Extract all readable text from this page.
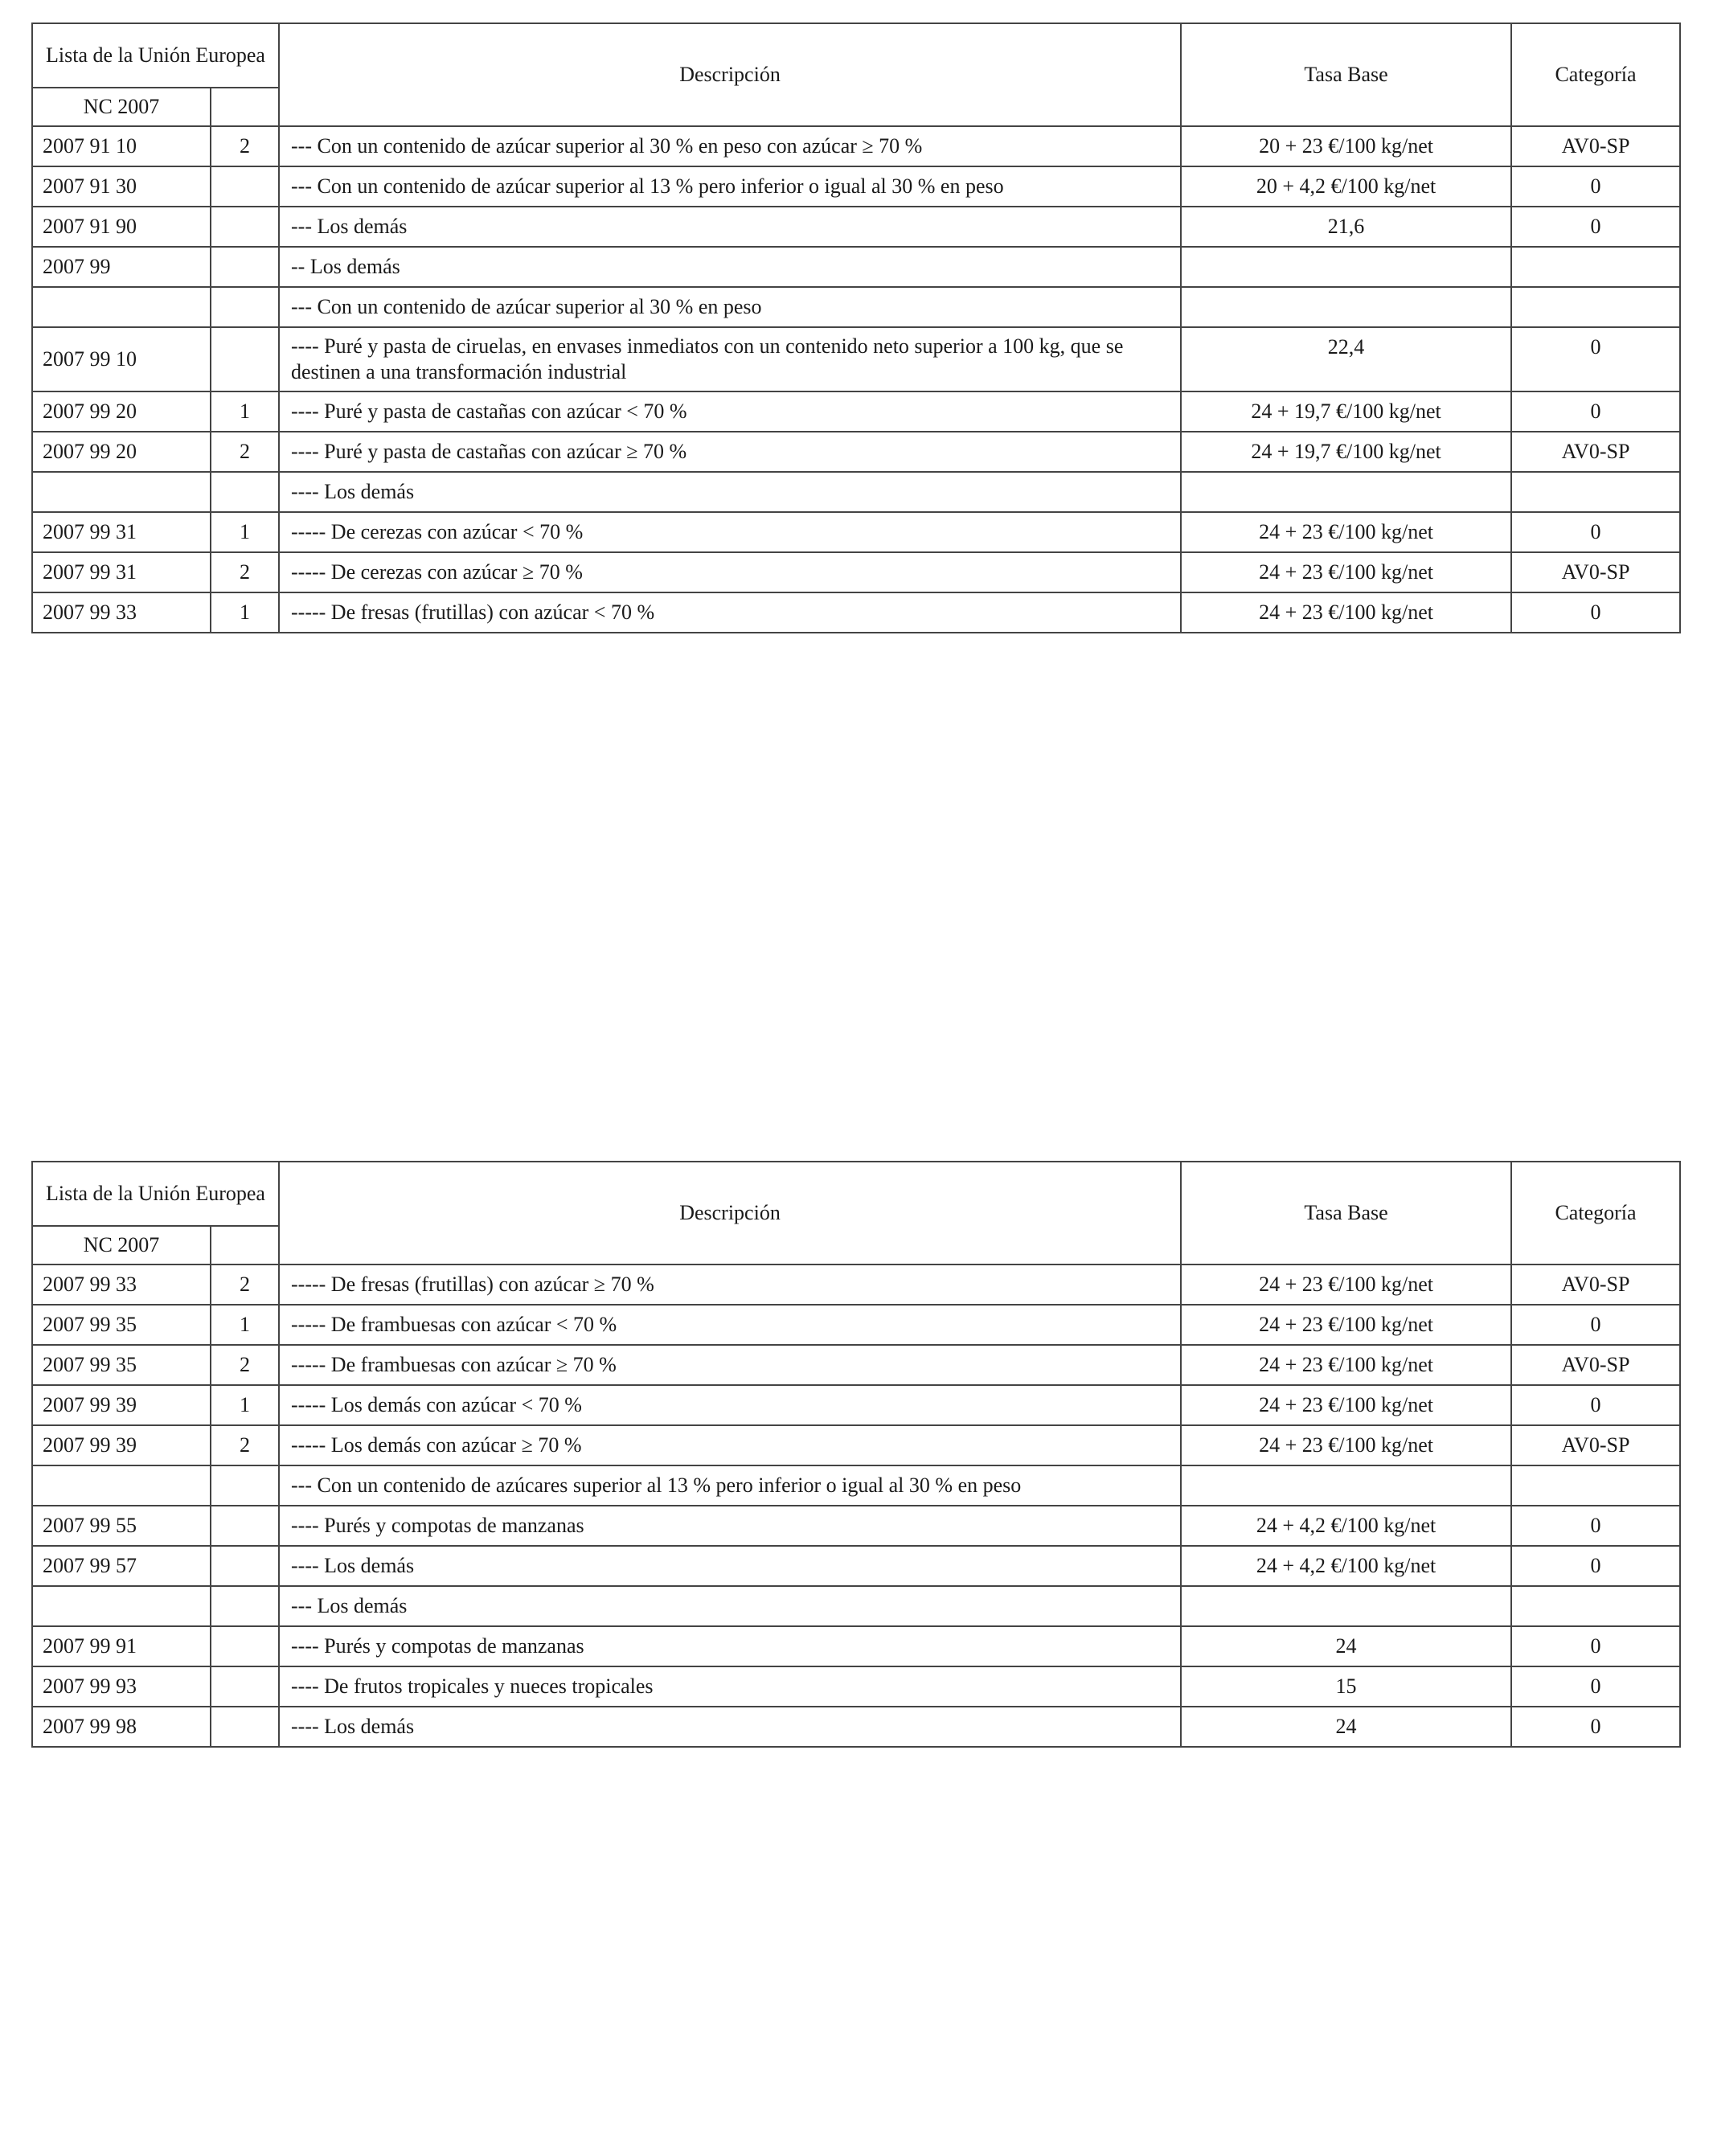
Lista de la Unión Europea		Descripción	Tasa Base	Categoría
NC 2007				
2007 91 10	2	--- Con un contenido de azúcar superior al 30 % en peso con azúcar ≥ 70 %	20 + 23 €/100 kg/net	AV0-SP
2007 91 30		--- Con un contenido de azúcar superior al 13 % pero inferior o igual al 30 % en peso	20 + 4,2 €/100 kg/net	0
2007 91 90		--- Los demás	21,6	0
2007 99		-- Los demás		
		--- Con un contenido de azúcar superior al 30 % en peso		
2007 99 10		---- Puré y pasta de ciruelas, en envases inmediatos con un contenido neto superior a 100 kg, que se destinen a una transformación industrial	22,4	0
2007 99 20	1	---- Puré y pasta de castañas con azúcar < 70 %	24 + 19,7 €/100 kg/net	0
2007 99 20	2	---- Puré y pasta de castañas con azúcar ≥ 70 %	24 + 19,7 €/100 kg/net	AV0-SP
		---- Los demás		
2007 99 31	1	----- De cerezas con azúcar < 70 %	24 + 23 €/100 kg/net	0
2007 99 31	2	----- De cerezas con azúcar ≥ 70 %	24 + 23 €/100 kg/net	AV0-SP
2007 99 33	1	----- De fresas (frutillas) con azúcar < 70 %	24 + 23 €/100 kg/net	0
Lista de la Unión Europea		Descripción	Tasa Base	Categoría
NC 2007				
2007 99 33	2	----- De fresas (frutillas) con azúcar ≥ 70 %	24 + 23 €/100 kg/net	AV0-SP
2007 99 35	1	----- De frambuesas con azúcar < 70 %	24 + 23 €/100 kg/net	0
2007 99 35	2	----- De frambuesas con azúcar ≥ 70 %	24 + 23 €/100 kg/net	AV0-SP
2007 99 39	1	----- Los demás con azúcar < 70 %	24 + 23 €/100 kg/net	0
2007 99 39	2	----- Los demás con azúcar ≥ 70 %	24 + 23 €/100 kg/net	AV0-SP
		--- Con un contenido de azúcares superior al 13 % pero inferior o igual al 30 % en peso		
2007 99 55		---- Purés y compotas de manzanas	24 + 4,2 €/100 kg/net	0
2007 99 57		---- Los demás	24 + 4,2 €/100 kg/net	0
		--- Los demás		
2007 99 91		---- Purés y compotas de manzanas	24	0
2007 99 93		---- De frutos tropicales y nueces tropicales	15	0
2007 99 98		---- Los demás	24	0
